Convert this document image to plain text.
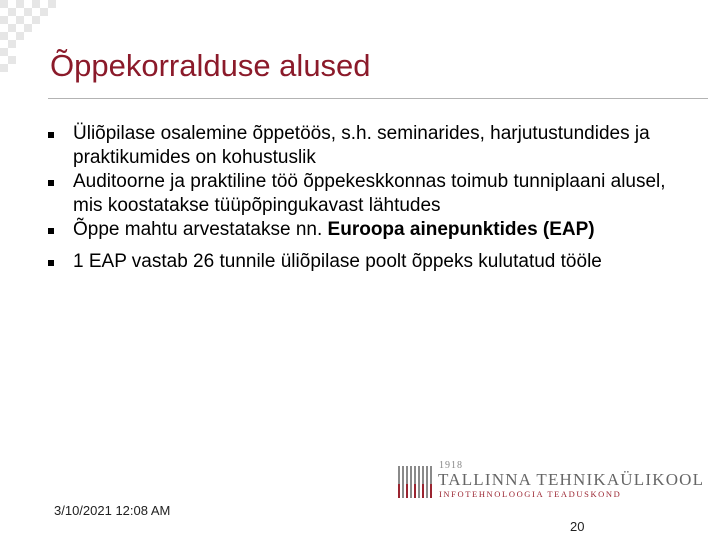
Õppekorralduse alused
Üliõpilase osalemine õppetöös, s.h. seminarides, harjutustundides ja praktikumides on kohustuslik
Auditoorne ja praktiline töö õppekeskkonnas toimub tunniplaani alusel, mis koostatakse tüüpõpingukavast lähtudes
Õppe mahtu arvestatakse nn. Euroopa ainepunktides (EAP)
1 EAP vastab 26 tunnile üliõpilase poolt õppeks kulutatud tööle
1918
TALLINNA TEHNIKAÜLIKOOL
INFOTEHNOLOOGIA TEADUSKOND
3/10/2021 12:08 AM
20
